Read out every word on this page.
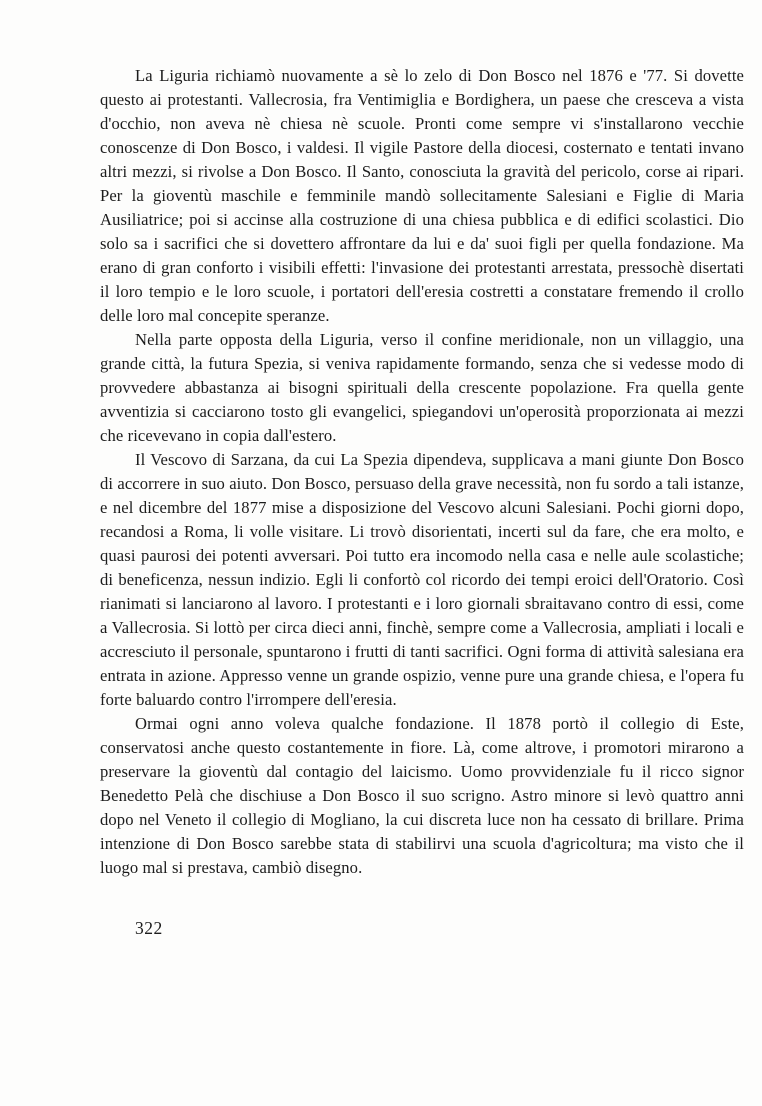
La Liguria richiamò nuovamente a sè lo zelo di Don Bosco nel 1876 e '77. Si dovette questo ai protestanti. Vallecrosia, fra Ventimiglia e Bordighera, un paese che cresceva a vista d'occhio, non aveva nè chiesa nè scuole. Pronti come sempre vi s'installarono vecchie conoscenze di Don Bosco, i valdesi. Il vigile Pastore della diocesi, costernato e tentati invano altri mezzi, si rivolse a Don Bosco. Il Santo, conosciuta la gravità del pericolo, corse ai ripari. Per la gioventù maschile e femminile mandò sollecitamente Salesiani e Figlie di Maria Ausiliatrice; poi si accinse alla costruzione di una chiesa pubblica e di edifici scolastici. Dio solo sa i sacrifici che si dovettero affrontare da lui e da' suoi figli per quella fondazione. Ma erano di gran conforto i visibili effetti: l'invasione dei protestanti arrestata, pressochè disertati il loro tempio e le loro scuole, i portatori dell'eresia costretti a constatare fremendo il crollo delle loro mal concepite speranze.

Nella parte opposta della Liguria, verso il confine meridionale, non un villaggio, una grande città, la futura Spezia, si veniva rapidamente formando, senza che si vedesse modo di provvedere abbastanza ai bisogni spirituali della crescente popolazione. Fra quella gente avventizia si cacciarono tosto gli evangelici, spiegandovi un'operosità proporzionata ai mezzi che ricevevano in copia dall'estero.

Il Vescovo di Sarzana, da cui La Spezia dipendeva, supplicava a mani giunte Don Bosco di accorrere in suo aiuto. Don Bosco, persuaso della grave necessità, non fu sordo a tali istanze, e nel dicembre del 1877 mise a disposizione del Vescovo alcuni Salesiani. Pochi giorni dopo, recandosi a Roma, li volle visitare. Li trovò disorientati, incerti sul da fare, che era molto, e quasi paurosi dei potenti avversari. Poi tutto era incomodo nella casa e nelle aule scolastiche; di beneficenza, nessun indizio. Egli li confortò col ricordo dei tempi eroici dell'Oratorio. Così rianimati si lanciarono al lavoro. I protestanti e i loro giornali sbraitavano contro di essi, come a Vallecrosia. Si lottò per circa dieci anni, finchè, sempre come a Vallecrosia, ampliati i locali e accresciuto il personale, spuntarono i frutti di tanti sacrifici. Ogni forma di attività salesiana era entrata in azione. Appresso venne un grande ospizio, venne pure una grande chiesa, e l'opera fu forte baluardo contro l'irrompere dell'eresia.

Ormai ogni anno voleva qualche fondazione. Il 1878 portò il collegio di Este, conservatosi anche questo costantemente in fiore. Là, come altrove, i promotori mirarono a preservare la gioventù dal contagio del laicismo. Uomo provvidenziale fu il ricco signor Benedetto Pelà che dischiuse a Don Bosco il suo scrigno. Astro minore si levò quattro anni dopo nel Veneto il collegio di Mogliano, la cui discreta luce non ha cessato di brillare. Prima intenzione di Don Bosco sarebbe stata di stabilirvi una scuola d'agricoltura; ma visto che il luogo mal si prestava, cambiò disegno.

322
